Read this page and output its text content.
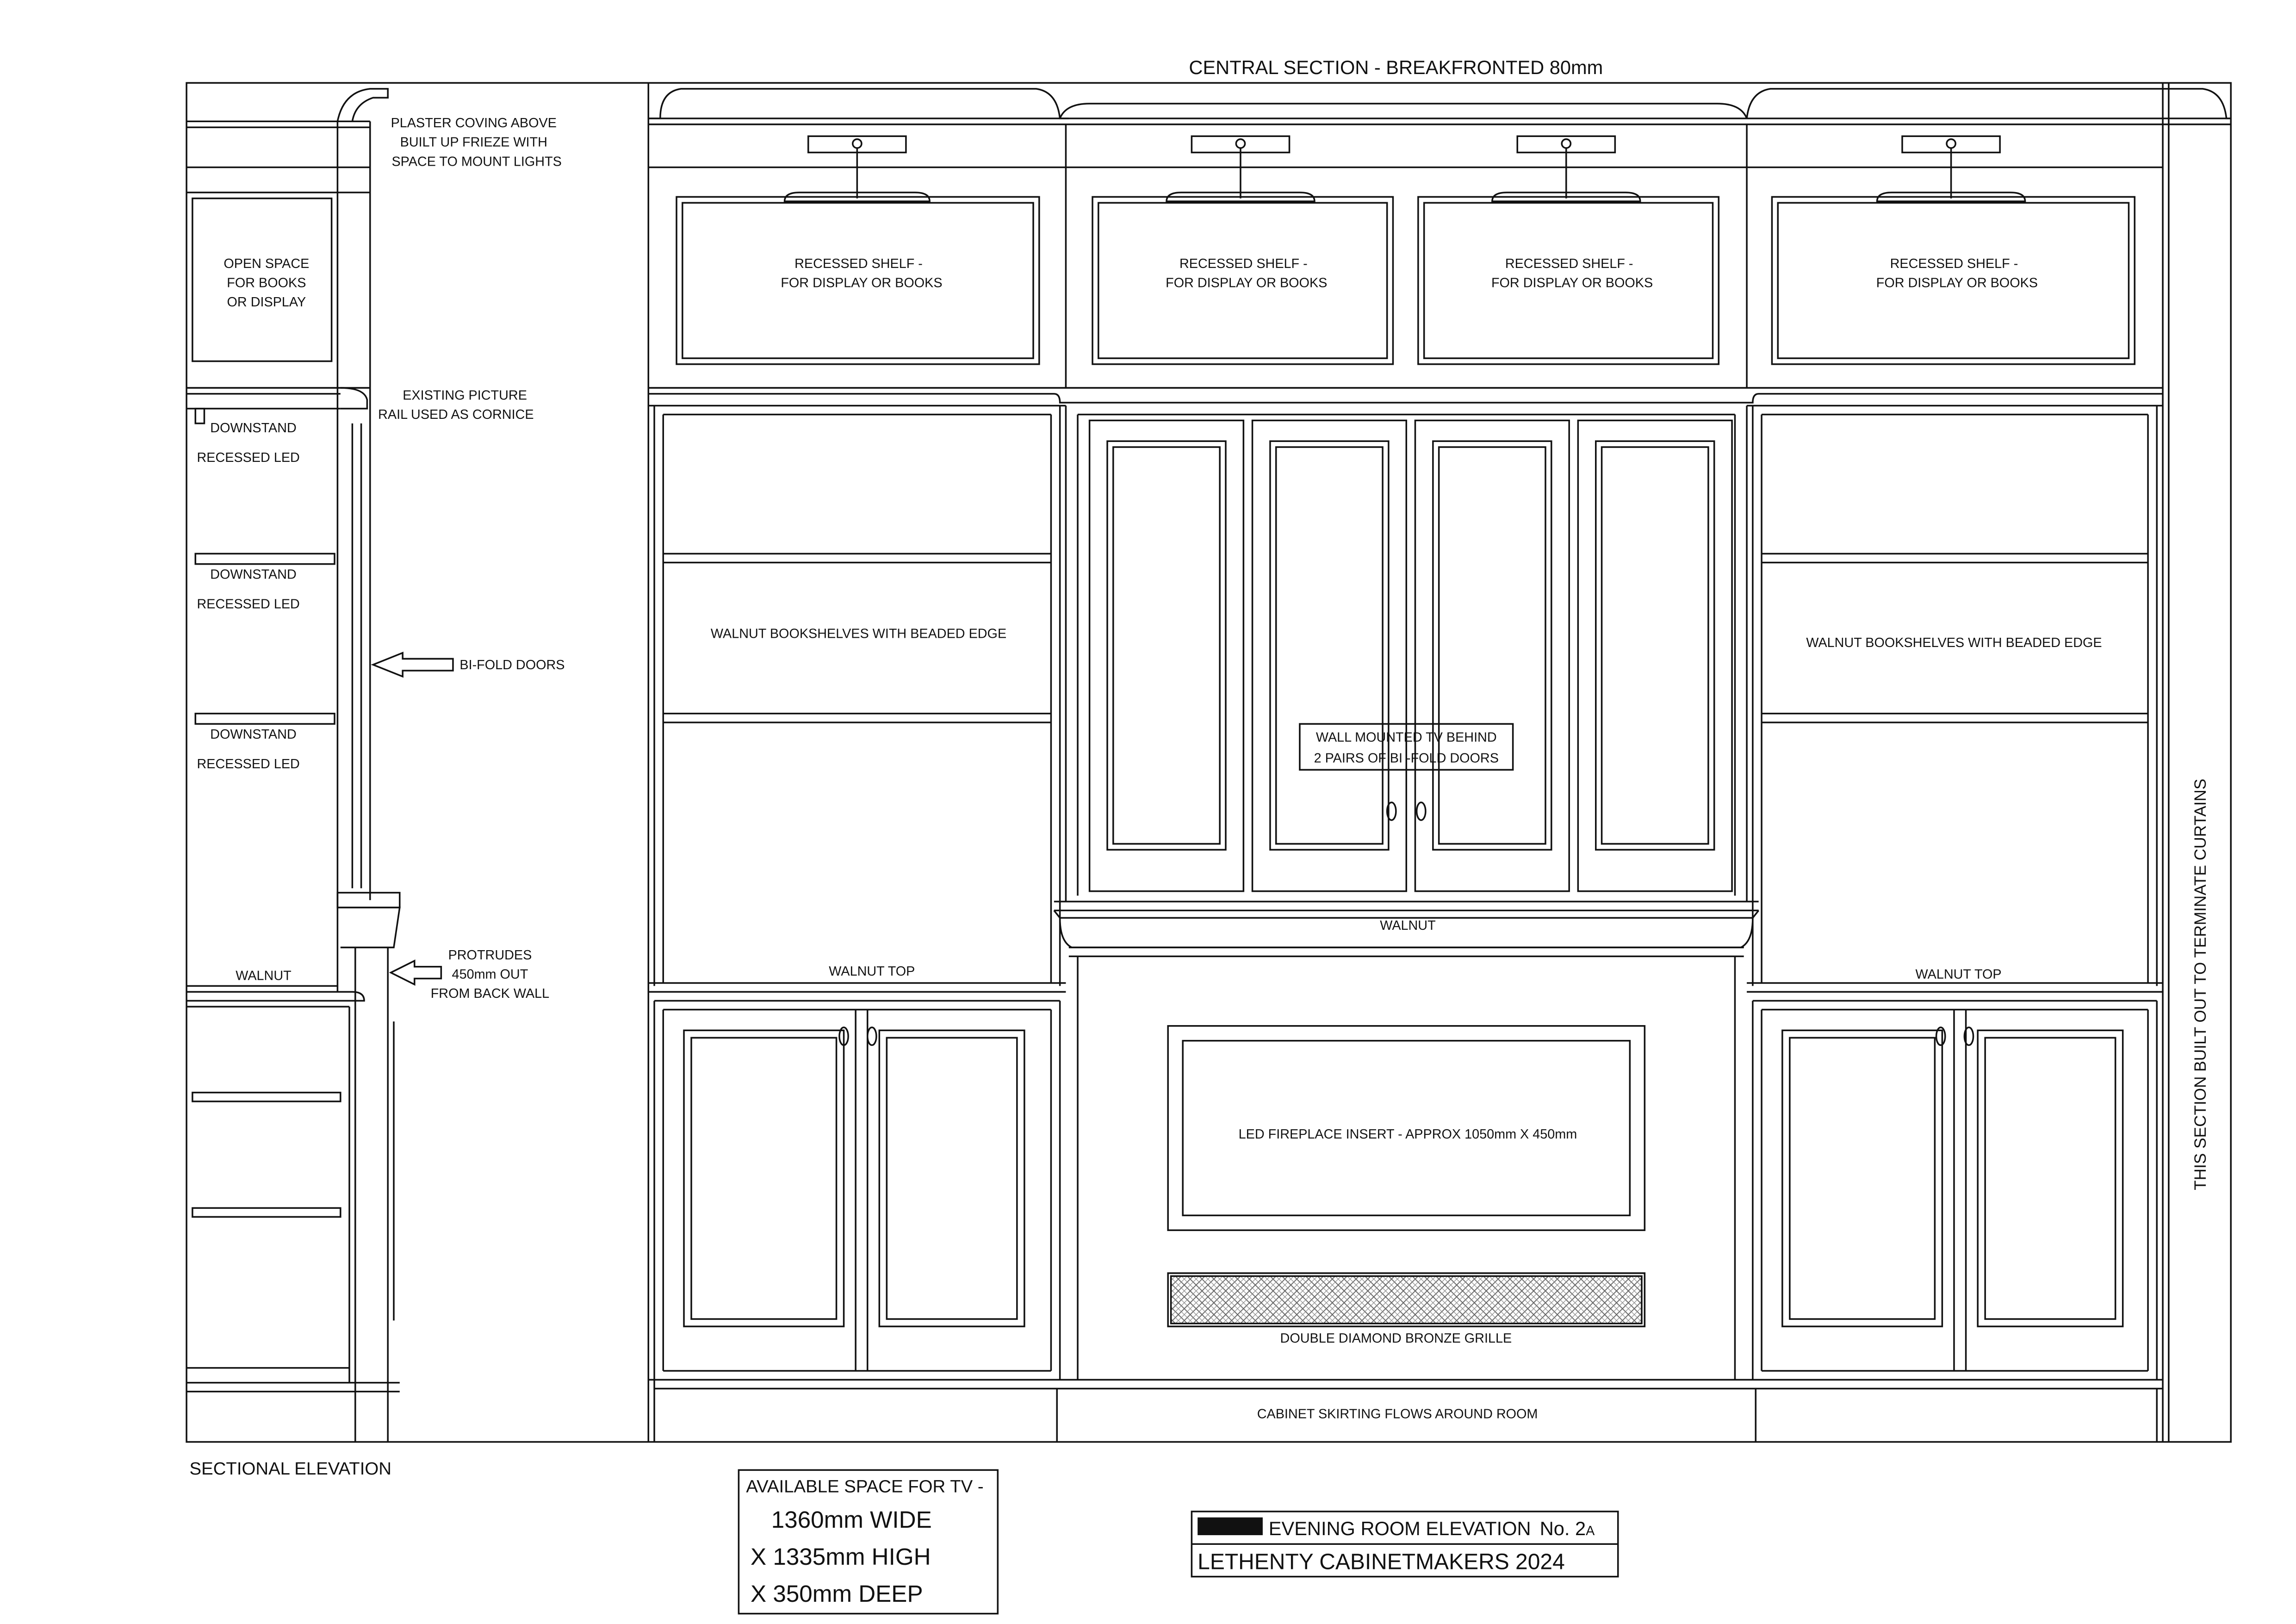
CENTRAL SECTION - BREAKFRONTED 80mm
OPEN SPACE
FOR BOOKS
OR DISPLAY
PLASTER COVING ABOVE
BUILT UP FRIEZE WITH
SPACE TO MOUNT LIGHTS
EXISTING PICTURE
RAIL USED AS CORNICE
BI-FOLD DOORS
PROTRUDES
450mm OUT
FROM BACK WALL
WALNUT
RECESSED SHELF -
FOR DISPLAY OR BOOKS
RECESSED SHELF -
FOR DISPLAY OR BOOKS
RECESSED SHELF -
FOR DISPLAY OR BOOKS
RECESSED SHELF -
FOR DISPLAY OR BOOKS
WALNUT BOOKSHELVES WITH BEADED EDGE
WALNUT BOOKSHELVES WITH BEADED EDGE
WALL MOUNTED TV BEHIND
2 PAIRS OF BI -FOLD DOORS
WALNUT
WALNUT TOP	WALNUT TOP
LED FIREPLACE INSERT - APPROX 1050mm X 450mm
DOUBLE DIAMOND BRONZE GRILLE
CABINET SKIRTING FLOWS AROUND ROOM
DOWNSTAND
RECESSED LED
DOWNSTAND
RECESSED LED
DOWNSTAND
RECESSED LED
SECTIONAL ELEVATION
AVAILABLE SPACE FOR TV -
1360mm WIDE
X 1335mm HIGH
X 350mm DEEP
EVENING ROOM ELEVATION No. 2A
LETHENTY CABINETMAKERS 2024
THIS SECTION BUILT OUT TO TERMINATE CURTAINS
